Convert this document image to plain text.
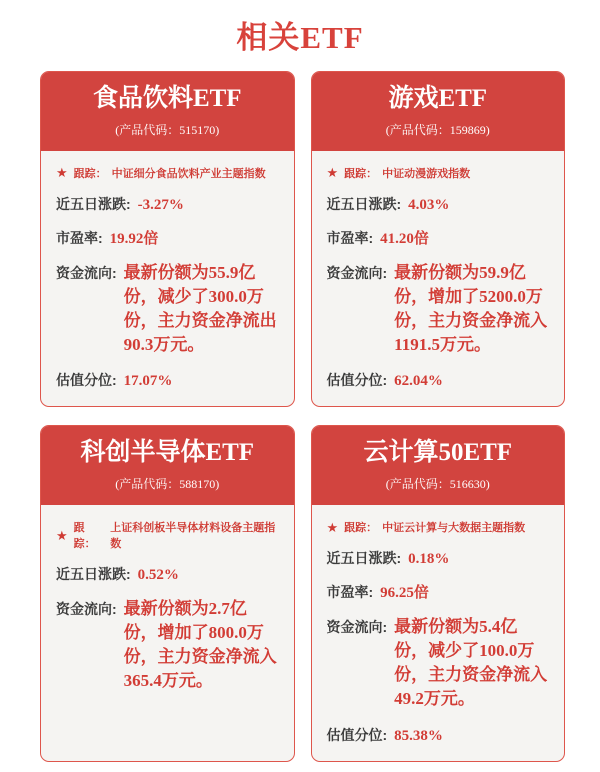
相关ETF
食品饮料ETF
(产品代码：515170)
★ 跟踪： 中证细分食品饮料产业主题指数
近五日涨跌: -3.27%
市盈率: 19.92倍
资金流向: 最新份额为55.9亿份，减少了300.0万份，主力资金净流出90.3万元。
估值分位: 17.07%
游戏ETF
(产品代码：159869)
★ 跟踪： 中证动漫游戏指数
近五日涨跌: 4.03%
市盈率: 41.20倍
资金流向: 最新份额为59.9亿份，增加了5200.0万份，主力资金净流入1191.5万元。
估值分位: 62.04%
科创半导体ETF
(产品代码：588170)
★ 跟踪：
上证科创板半导体材料设备主题指数
近五日涨跌: 0.52%
资金流向: 最新份额为2.7亿份，增加了800.0万份，主力资金净流入365.4万元。
云计算50ETF
(产品代码：516630)
★ 跟踪： 中证云计算与大数据主题指数
近五日涨跌: 0.18%
市盈率: 96.25倍
资金流向: 最新份额为5.4亿份，减少了100.0万份，主力资金净流入49.2万元。
估值分位: 85.38%
